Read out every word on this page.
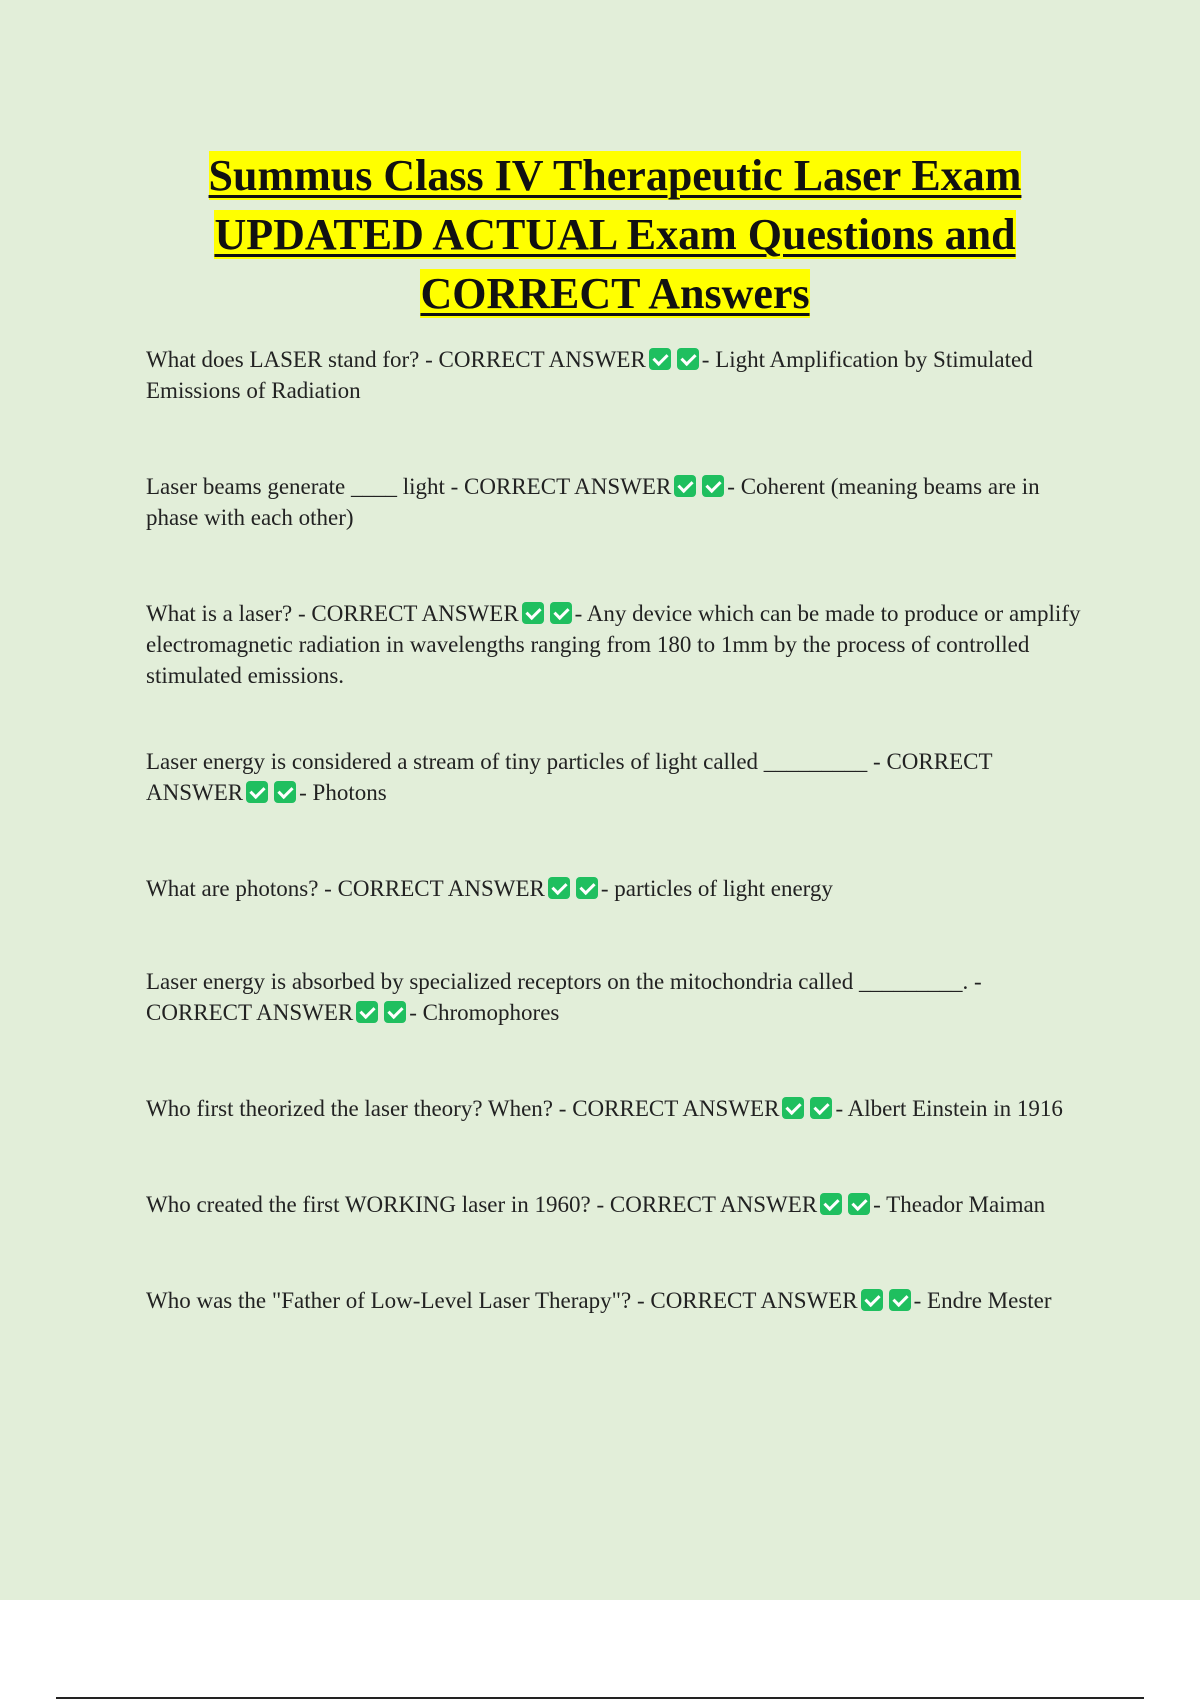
Summus Class IV Therapeutic Laser Exam
UPDATED ACTUAL Exam Questions and
CORRECT Answers

What does LASER stand for? - CORRECT ANSWER - Light Amplification by Stimulated Emissions of Radiation

Laser beams generate ____ light - CORRECT ANSWER - Coherent (meaning beams are in phase with each other)

What is a laser? - CORRECT ANSWER - Any device which can be made to produce or amplify electromagnetic radiation in wavelengths ranging from 180 to 1mm by the process of controlled stimulated emissions.

Laser energy is considered a stream of tiny particles of light called _________ - CORRECT ANSWER - Photons

What are photons? - CORRECT ANSWER - particles of light energy

Laser energy is absorbed by specialized receptors on the mitochondria called _________. - CORRECT ANSWER - Chromophores

Who first theorized the laser theory? When? - CORRECT ANSWER - Albert Einstein in 1916

Who created the first WORKING laser in 1960? - CORRECT ANSWER - Theador Maiman

Who was the "Father of Low-Level Laser Therapy"? - CORRECT ANSWER - Endre Mester
